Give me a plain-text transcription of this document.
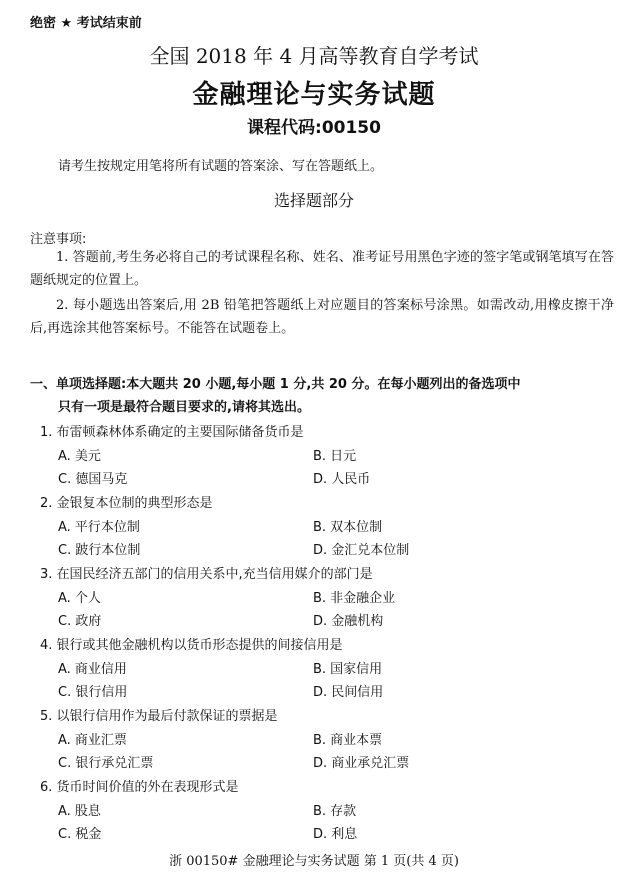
绝密 ★ 考试结束前
全国 2018 年 4 月高等教育自学考试
金融理论与实务试题
课程代码:00150
请考生按规定用笔将所有试题的答案涂、写在答题纸上。
选择题部分
注意事项:
1. 答题前,考生务必将自己的考试课程名称、姓名、准考证号用黑色字迹的签字笔或钢笔填写在答题纸规定的位置上。
2. 每小题选出答案后,用 2B 铅笔把答题纸上对应题目的答案标号涂黑。如需改动,用橡皮擦干净后,再选涂其他答案标号。不能答在试题卷上。
一、单项选择题:本大题共 20 小题,每小题 1 分,共 20 分。在每小题列出的备选项中
只有一项是最符合题目要求的,请将其选出。
1. 布雷顿森林体系确定的主要国际储备货币是
A. 美元	B. 日元
C. 德国马克	D. 人民币
2. 金银复本位制的典型形态是
A. 平行本位制	B. 双本位制
C. 跛行本位制	D. 金汇兑本位制
3. 在国民经济五部门的信用关系中,充当信用媒介的部门是
A. 个人	B. 非金融企业
C. 政府	D. 金融机构
4. 银行或其他金融机构以货币形态提供的间接信用是
A. 商业信用	B. 国家信用
C. 银行信用	D. 民间信用
5. 以银行信用作为最后付款保证的票据是
A. 商业汇票	B. 商业本票
C. 银行承兑汇票	D. 商业承兑汇票
6. 货币时间价值的外在表现形式是
A. 股息	B. 存款
C. 税金	D. 利息
浙 00150# 金融理论与实务试题 第 1 页(共 4 页)
